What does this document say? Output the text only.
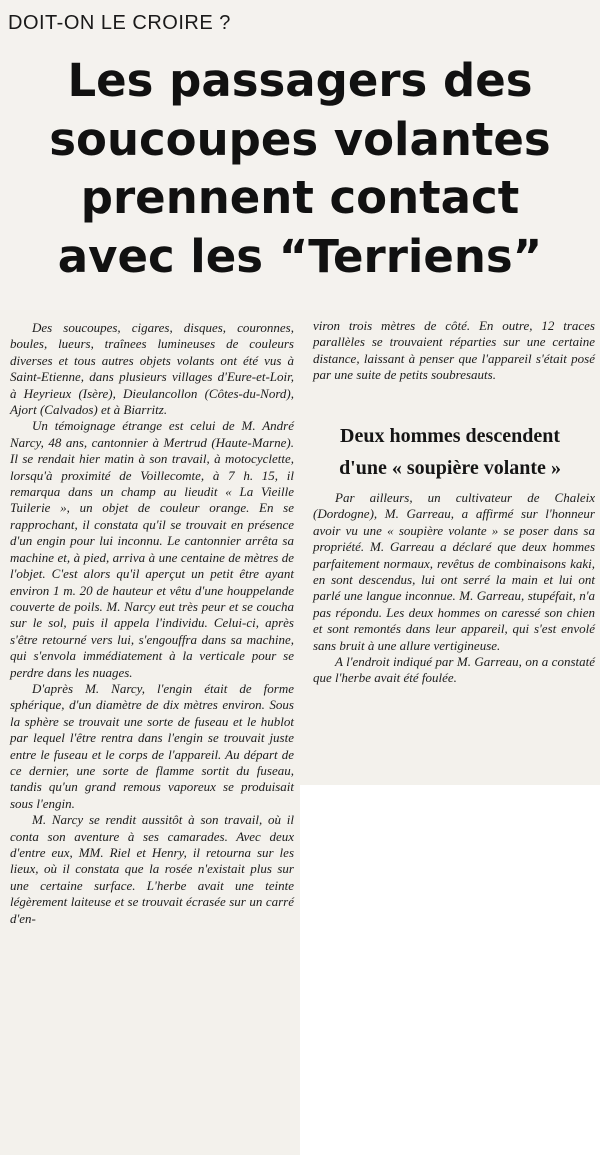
DOIT-ON LE CROIRE ?
Les passagers des
soucoupes volantes
prennent contact
avec les “Terriens”

Des soucoupes, cigares, disques, couronnes, boules, lueurs, traînees lumineuses de couleurs diverses et tous autres objets volants ont été vus à Saint-Etienne, dans plusieurs villages d'Eure-et-Loir, à Heyrieux (Isère), Dieulancollon (Côtes-du-Nord), Ajort (Calvados) et à Biarritz.

Un témoignage étrange est celui de M. André Narcy, 48 ans, cantonnier à Mertrud (Haute-Marne). Il se rendait hier matin à son travail, à motocyclette, lorsqu'à proximité de Voillecomte, à 7 h. 15, il remarqua dans un champ au lieudit « La Vieille Tuilerie », un objet de couleur orange. En se rapprochant, il constata qu'il se trouvait en présence d'un engin pour lui inconnu. Le cantonnier arrêta sa machine et, à pied, arriva à une centaine de mètres de l'objet. C'est alors qu'il aperçut un petit être ayant environ 1 m. 20 de hauteur et vêtu d'une houppelande couverte de poils. M. Narcy eut très peur et se coucha sur le sol, puis il appela l'individu. Celui-ci, après s'être retourné vers lui, s'engouffra dans sa machine, qui s'envola immédiatement à la verticale pour se perdre dans les nuages.

D'après M. Narcy, l'engin était de forme sphérique, d'un diamètre de dix mètres environ. Sous la sphère se trouvait une sorte de fuseau et le hublot par lequel l'être rentra dans l'engin se trouvait juste entre le fuseau et le corps de l'appareil. Au départ de ce dernier, une sorte de flamme sortit du fuseau, tandis qu'un grand remous vaporeux se produisait sous l'engin.

M. Narcy se rendit aussitôt à son travail, où il conta son aventure à ses camarades. Avec deux d'entre eux, MM. Riel et Henry, il retourna sur les lieux, où il constata que la rosée n'existait plus sur une certaine surface. L'herbe avait une teinte légèrement laiteuse et se trouvait écrasée sur un carré d'en-

viron trois mètres de côté. En outre, 12 traces parallèles se trouvaient réparties sur une certaine distance, laissant à penser que l'appareil s'était posé par une suite de petits soubresauts.

Deux hommes descendent
d'une « soupière volante »

Par ailleurs, un cultivateur de Chaleix (Dordogne), M. Garreau, a affirmé sur l'honneur avoir vu une « soupière volante » se poser dans sa propriété. M. Garreau a déclaré que deux hommes parfaitement normaux, revêtus de combinaisons kaki, en sont descendus, lui ont serré la main et lui ont parlé une langue inconnue. M. Garreau, stupéfait, n'a pas répondu. Les deux hommes on caressé son chien et sont remontés dans leur appareil, qui s'est envolé sans bruit à une allure vertigineuse.

A l'endroit indiqué par M. Garreau, on a constaté que l'herbe avait été foulée.
